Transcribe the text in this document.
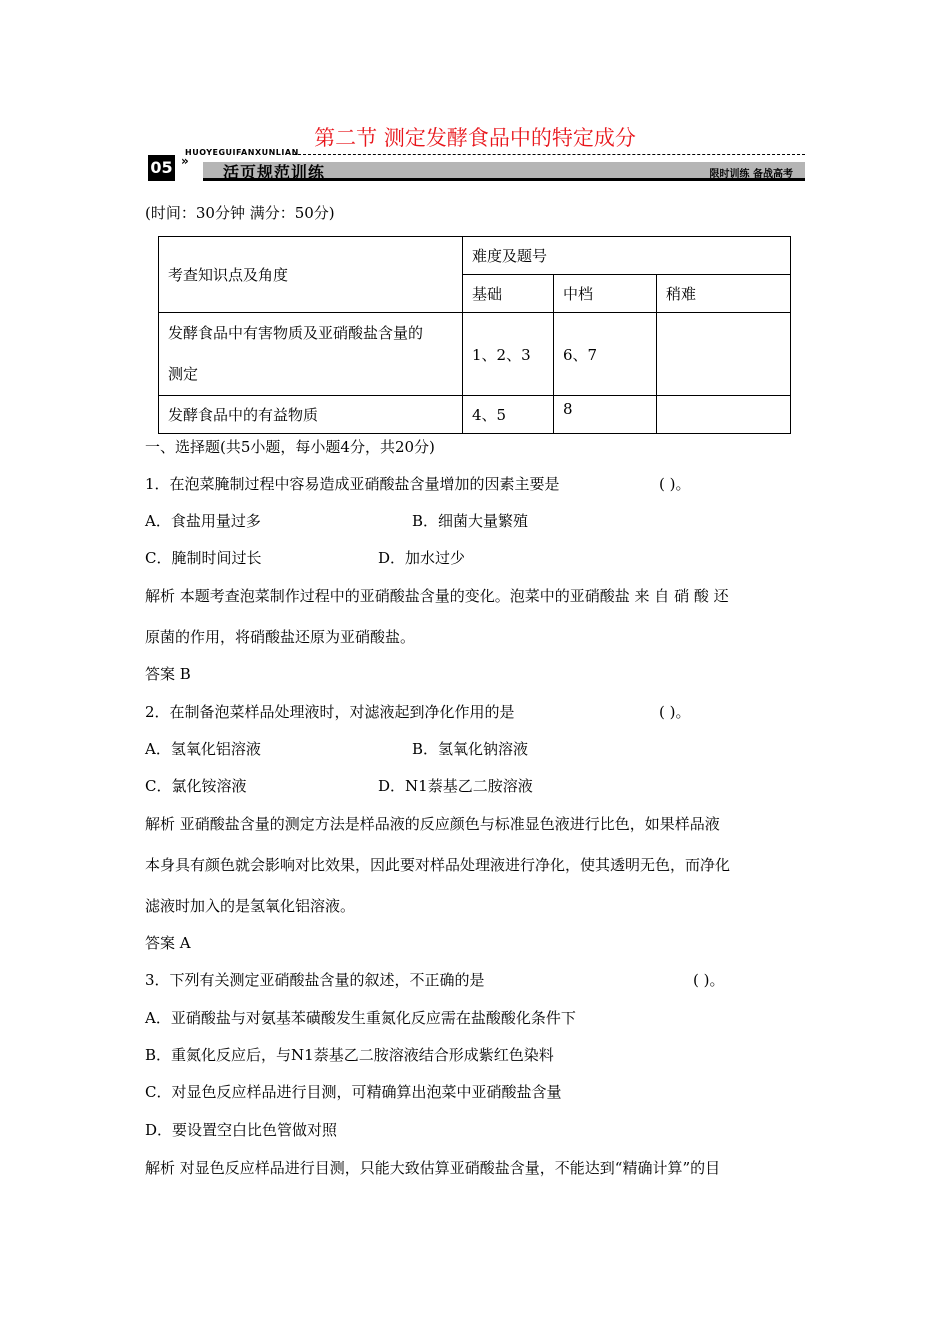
第二节 测定发酵食品中的特定成分
HUOYEGUIFANXUNLIAN
05 »
活页规范训练	限时训练 备战高考
(时间：30分钟 满分：50分)
考查知识点及角度	难度及题号		
	基础	中档	稍难

发酵食品中有害物质及亚硝酸盐含量的
测定	1、2、3	6、7	
发酵食品中的有益物质	4、5	8	
一、选择题(共5小题，每小题4分，共20分)
1．在泡菜腌制过程中容易造成亚硝酸盐含量增加的因素主要是	( )。
A．食盐用量过多	B．细菌大量繁殖
C．腌制时间过长	D．加水过少
解析 本题考查泡菜制作过程中的亚硝酸盐含量的变化。泡菜中的亚硝酸盐 来 自 硝 酸 还
原菌的作用，将硝酸盐还原为亚硝酸盐。
答案 B
2．在制备泡菜样品处理液时，对滤液起到净化作用的是	( )。
A．氢氧化铝溶液	B．氢氧化钠溶液
C．氯化铵溶液	D．N1萘基乙二胺溶液
解析 亚硝酸盐含量的测定方法是样品液的反应颜色与标准显色液进行比色，如果样品液
本身具有颜色就会影响对比效果，因此要对样品处理液进行净化，使其透明无色，而净化
滤液时加入的是氢氧化铝溶液。
答案 A
3．下列有关测定亚硝酸盐含量的叙述，不正确的是	( )。
A．亚硝酸盐与对氨基苯磺酸发生重氮化反应需在盐酸酸化条件下
B．重氮化反应后，与N1萘基乙二胺溶液结合形成紫红色染料
C．对显色反应样品进行目测，可精确算出泡菜中亚硝酸盐含量
D．要设置空白比色管做对照
解析 对显色反应样品进行目测，只能大致估算亚硝酸盐含量，不能达到“精确计算”的目
